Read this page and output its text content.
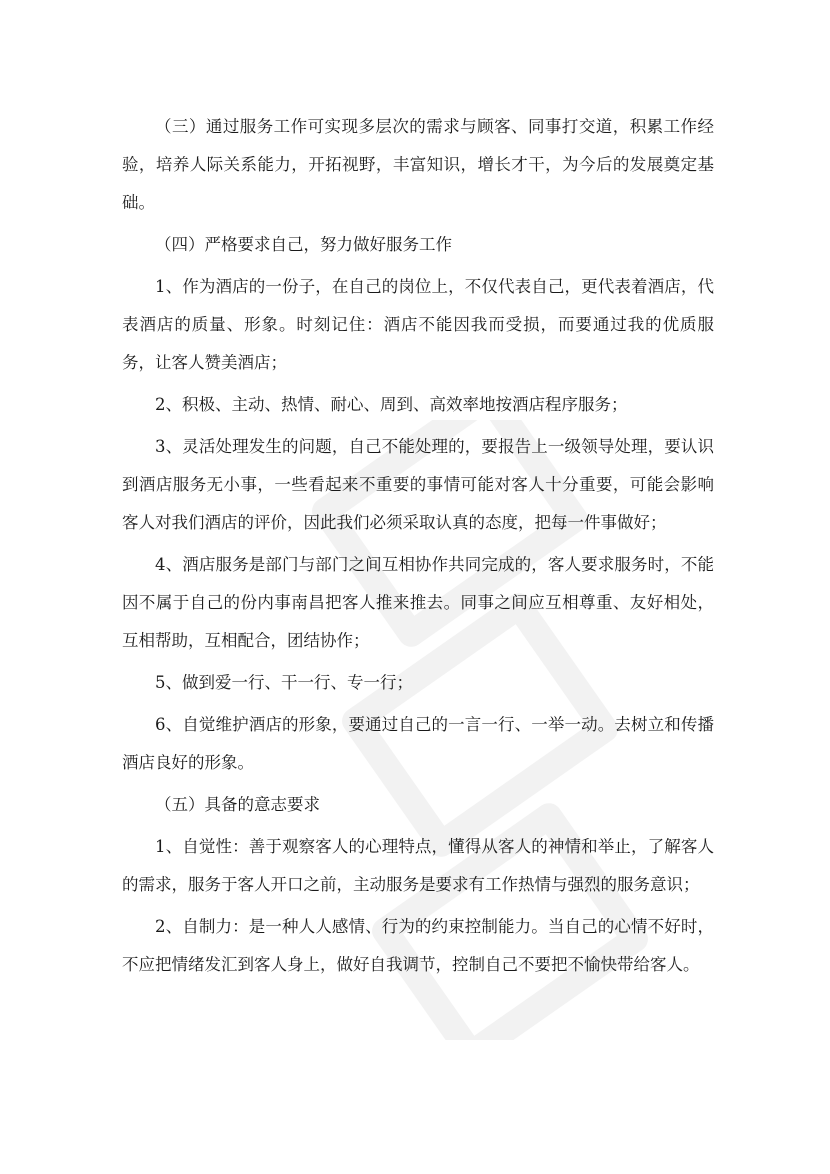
（三）通过服务工作可实现多层次的需求与顾客、同事打交道，积累工作经验，培养人际关系能力，开拓视野，丰富知识，增长才干，为今后的发展奠定基础。

（四）严格要求自己，努力做好服务工作

1、作为酒店的一份子，在自己的岗位上，不仅代表自己，更代表着酒店，代表酒店的质量、形象。时刻记住：酒店不能因我而受损，而要通过我的优质服务，让客人赞美酒店；

2、积极、主动、热情、耐心、周到、高效率地按酒店程序服务；

3、灵活处理发生的问题，自己不能处理的，要报告上一级领导处理，要认识到酒店服务无小事，一些看起来不重要的事情可能对客人十分重要，可能会影响客人对我们酒店的评价，因此我们必须采取认真的态度，把每一件事做好；

4、酒店服务是部门与部门之间互相协作共同完成的，客人要求服务时，不能因不属于自己的份内事南昌把客人推来推去。同事之间应互相尊重、友好相处，互相帮助，互相配合，团结协作；

5、做到爱一行、干一行、专一行；

6、自觉维护酒店的形象，要通过自己的一言一行、一举一动。去树立和传播酒店良好的形象。

（五）具备的意志要求

1、自觉性：善于观察客人的心理特点，懂得从客人的神情和举止，了解客人的需求，服务于客人开口之前，主动服务是要求有工作热情与强烈的服务意识；

2、自制力：是一种人人感情、行为的约束控制能力。当自己的心情不好时，不应把情绪发汇到客人身上，做好自我调节，控制自己不要把不愉快带给客人。
